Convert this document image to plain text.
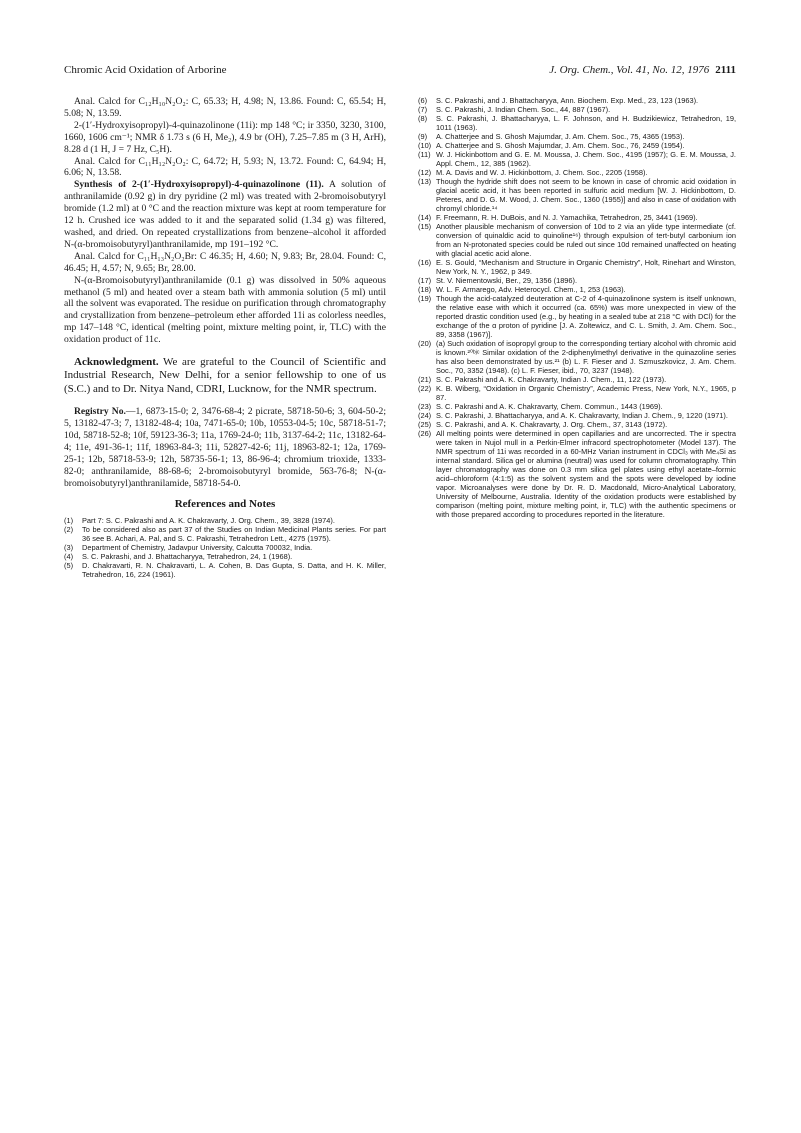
Chromic Acid Oxidation of Arborine	J. Org. Chem., Vol. 41, No. 12, 1976 2111

Anal. Calcd for C₁₂H₁₀N₂O₂: C, 65.33; H, 4.98; N, 13.86. Found: C, 65.54; H, 5.08; N, 13.59.

2-(1′-Hydroxyisopropyl)-4-quinazolinone (11i): mp 148 °C; ir 3350, 3230, 3100, 1660, 1606 cm⁻¹; NMR δ 1.73 s (6 H, Me₂), 4.9 br (OH), 7.25–7.85 m (3 H, ArH), 8.28 d (1 H, J = 7 Hz, C₅H).

Anal. Calcd for C₁₁H₁₂N₂O₂: C, 64.72; H, 5.93; N, 13.72. Found: C, 64.94; H, 6.06; N, 13.58.

Synthesis of 2-(1′-Hydroxyisopropyl)-4-quinazolinone (11). A solution of anthranilamide (0.92 g) in dry pyridine (2 ml) was treated with 2-bromoisobutyryl bromide (1.2 ml) at 0 °C and the reaction mixture was kept at room temperature for 12 h. Crushed ice was added to it and the separated solid (1.34 g) was filtered, washed, and dried. On repeated crystallizations from benzene–alcohol it afforded N-(α-bromoisobutyryl)anthranilamide, mp 191–192 °C.

Anal. Calcd for C₁₁H₁₃N₂O₂Br: C 46.35; H, 4.60; N, 9.83; Br, 28.04. Found: C, 46.45; H, 4.57; N, 9.65; Br, 28.00.

N-(α-Bromoisobutyryl)anthranilamide (0.1 g) was dissolved in 50% aqueous methanol (5 ml) and heated over a steam bath with ammonia solution (5 ml) until all the solvent was evaporated. The residue on purification through chromatography and crystallization from benzene–petroleum ether afforded 11i as colorless needles, mp 147–148 °C, identical (melting point, mixture melting point, ir, TLC) with the oxidation product of 11c.

Acknowledgment. We are grateful to the Council of Scientific and Industrial Research, New Delhi, for a senior fellowship to one of us (S.C.) and to Dr. Nitya Nand, CDRI, Lucknow, for the NMR spectrum.

Registry No.—1, 6873-15-0; 2, 3476-68-4; 2 picrate, 58718-50-6; 3, 604-50-2; 5, 13182-47-3; 7, 13182-48-4; 10a, 7471-65-0; 10b, 10553-04-5; 10c, 58718-51-7; 10d, 58718-52-8; 10f, 59123-36-3; 11a, 1769-24-0; 11b, 3137-64-2; 11c, 13182-64-4; 11e, 491-36-1; 11f, 18963-84-3; 11i, 52827-42-6; 11j, 18963-82-1; 12a, 1769-25-1; 12b, 58718-53-9; 12h, 58735-56-1; 13, 86-96-4; chromium trioxide, 1333-82-0; anthranilamide, 88-68-6; 2-bromoisobutyryl bromide, 563-76-8; N-(α-bromoisobutyryl)anthranilamide, 58718-54-0.

References and Notes
(1)	Part 7: S. C. Pakrashi and A. K. Chakravarty, J. Org. Chem., 39, 3828 (1974).
(2)	To be considered also as part 37 of the Studies on Indian Medicinal Plants series. For part 36 see B. Achari, A. Pal, and S. C. Pakrashi, Tetrahedron Lett., 4275 (1975).
(3)	Department of Chemistry, Jadavpur University, Calcutta 700032, India.
(4)	S. C. Pakrashi, and J. Bhattacharyya, Tetrahedron, 24, 1 (1968).
(5)	D. Chakravarti, R. N. Chakravarti, L. A. Cohen, B. Das Gupta, S. Datta, and H. K. Miller, Tetrahedron, 16, 224 (1961).
(6)	S. C. Pakrashi, and J. Bhattacharyya, Ann. Biochem. Exp. Med., 23, 123 (1963).
(7)	S. C. Pakrashi, J. Indian Chem. Soc., 44, 887 (1967).
(8)	S. C. Pakrashi, J. Bhattacharyya, L. F. Johnson, and H. Budzikiewicz, Tetrahedron, 19, 1011 (1963).
(9)	A. Chatterjee and S. Ghosh Majumdar, J. Am. Chem. Soc., 75, 4365 (1953).
(10) A. Chatterjee and S. Ghosh Majumdar, J. Am. Chem. Soc., 76, 2459 (1954).
(11) W. J. Hickinbottom and G. E. M. Moussa, J. Chem. Soc., 4195 (1957); G. E. M. Moussa, J. Appl. Chem., 12, 385 (1962).
(12) M. A. Davis and W. J. Hickinbottom, J. Chem. Soc., 2205 (1958).
(13) Though the hydride shift does not seem to be known in case of chromic acid oxidation in glacial acetic acid, it has been reported in sulfuric acid medium [W. J. Hickinbottom, D. Peteres, and D. G. M. Wood, J. Chem. Soc., 1360 (1955)] and also in case of oxidation with chromyl chloride.¹⁴
(14) F. Freemann, R. H. DuBois, and N. J. Yamachika, Tetrahedron, 25, 3441 (1969).
(15) Another plausible mechanism of conversion of 10d to 2 via an ylide type intermediate (cf. conversion of quinaldic acid to quinoline¹⁶) through expulsion of tert-butyl carbonium ion from an N-protonated species could be ruled out since 10d remained unaffected on heating with glacial acetic acid alone.
(16) E. S. Gould, “Mechanism and Structure in Organic Chemistry”, Holt, Rinehart and Winston, New York, N. Y., 1962, p 349.
(17) St. V. Niementowski, Ber., 29, 1356 (1896).
(18) W. L. F. Armarego, Adv. Heterocycl. Chem., 1, 253 (1963).
(19) Though the acid-catalyzed deuteration at C-2 of 4-quinazolinone system is itself unknown, the relative ease with which it occurred (ca. 65%) was more unexpected in view of the reported drastic condition used (e.g., by heating in a sealed tube at 218 °C with DCl) for the exchange of the α proton of pyridine [J. A. Zoltewicz, and C. L. Smith, J. Am. Chem. Soc., 89, 3358 (1967)].
(20) (a) Such oxidation of isopropyl group to the corresponding tertiary alcohol with chromic acid is known.²⁰ᵇʲᶜ Similar oxidation of the 2-diphenylmethyl derivative in the quinazoline series has also been demonstrated by us.²¹ (b) L. F. Fieser and J. Szmuszkovicz, J. Am. Chem. Soc., 70, 3352 (1948). (c) L. F. Fieser, ibid., 70, 3237 (1948).
(21) S. C. Pakrashi and A. K. Chakravarty, Indian J. Chem., 11, 122 (1973).
(22) K. B. Wiberg, “Oxidation in Organic Chemistry”, Academic Press, New York, N.Y., 1965, p 87.
(23) S. C. Pakrashi and A. K. Chakravarty, Chem. Commun., 1443 (1969).
(24) S. C. Pakrashi, J. Bhattacharyya, and A. K. Chakravarty, Indian J. Chem., 9, 1220 (1971).
(25) S. C. Pakrashi, and A. K. Chakravarty, J. Org. Chem., 37, 3143 (1972).
(26) All melting points were determined in open capillaries and are uncorrected. The ir spectra were taken in Nujol mull in a Perkin-Elmer infracord spectrophotometer (Model 137). The NMR spectrum of 11i was recorded in a 60-MHz Varian instrument in CDCl₃ with Me₄Si as internal standard. Silica gel or alumina (neutral) was used for column chromatography. Thin layer chromatography was done on 0.3 mm silica gel plates using ethyl acetate–formic acid–chloroform (4:1:5) as the solvent system and the spots were developed by iodine vapor. Microanalyses were done by Dr. R. D. Macdonald, Micro-Analytical Laboratory, University of Melbourne, Australia. Identity of the oxidation products were established by comparison (melting point, mixture melting point, ir, TLC) with the authentic specimens or with those prepared according to procedures reported in the literature.
